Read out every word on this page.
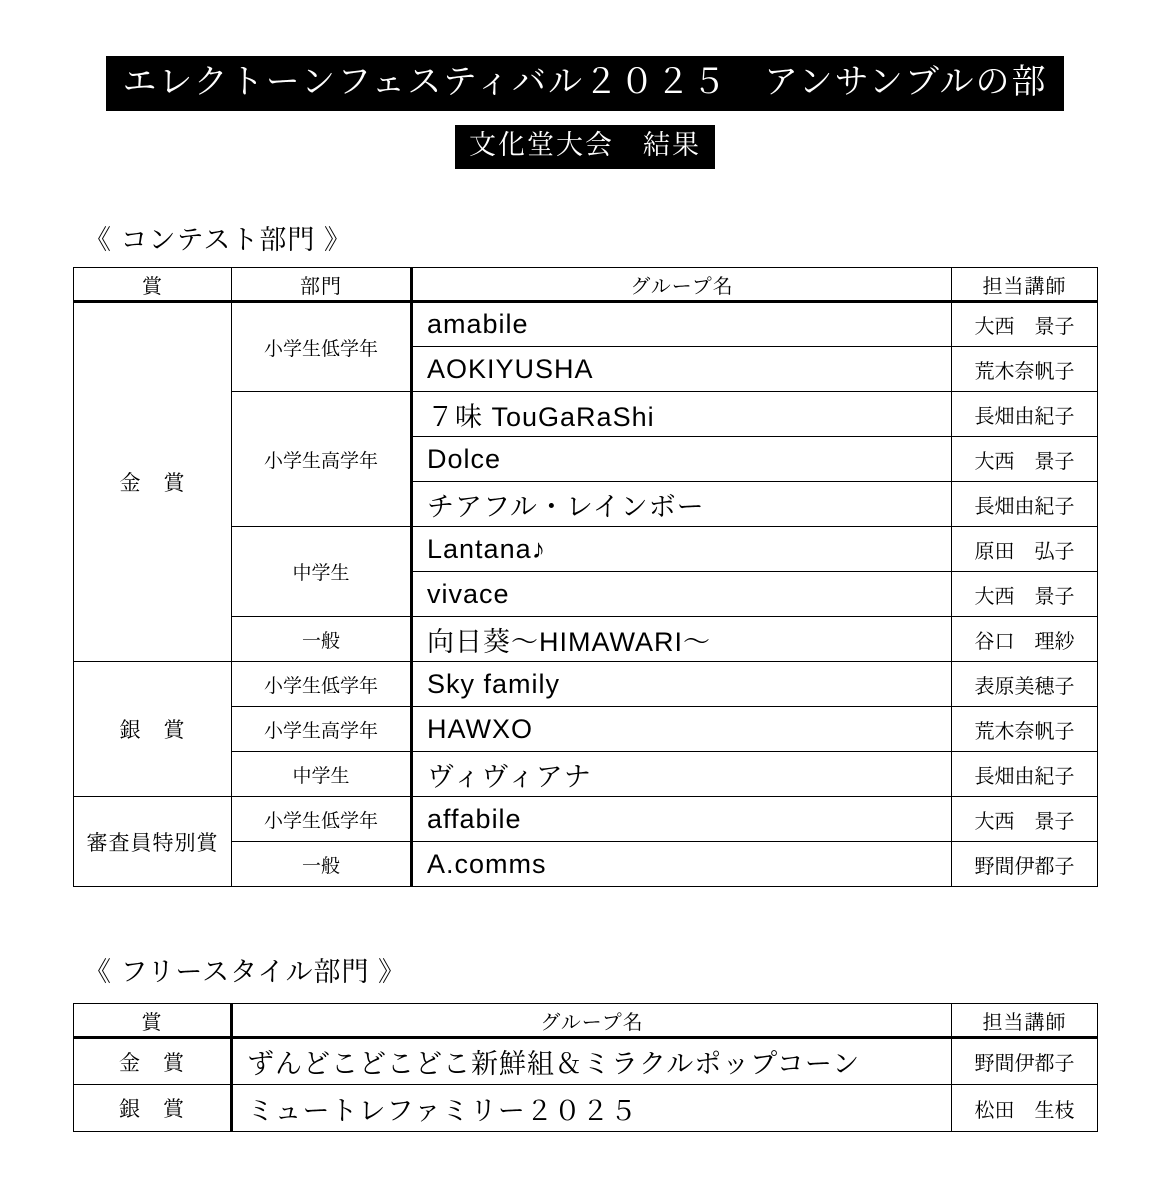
エレクトーンフェスティバル２０２５　アンサンブルの部
文化堂大会　結果
《 コンテスト部門 》
賞	部門	グループ名	担当講師
金　賞	小学生低学年	amabile	大西　景子
		AOKIYUSHA	荒木奈帆子
	小学生高学年	７味 TouGaRaShi	長畑由紀子
		Dolce	大西　景子
		チアフル・レインボー	長畑由紀子
	中学生	Lantana♪	原田　弘子
		vivace	大西　景子
	一般	向日葵〜HIMAWARI〜	谷口　理紗
銀　賞	小学生低学年	Sky family	表原美穂子
	小学生高学年	HAWXO	荒木奈帆子
	中学生	ヴィヴィアナ	長畑由紀子
審査員特別賞	小学生低学年	affabile	大西　景子
	一般	A.comms	野間伊都子
《 フリースタイル部門 》
賞	グループ名	担当講師
金　賞	ずんどこどこどこ新鮮組＆ミラクルポップコーン	野間伊都子
銀　賞	ミュートレファミリー２０２５	松田　生枝
